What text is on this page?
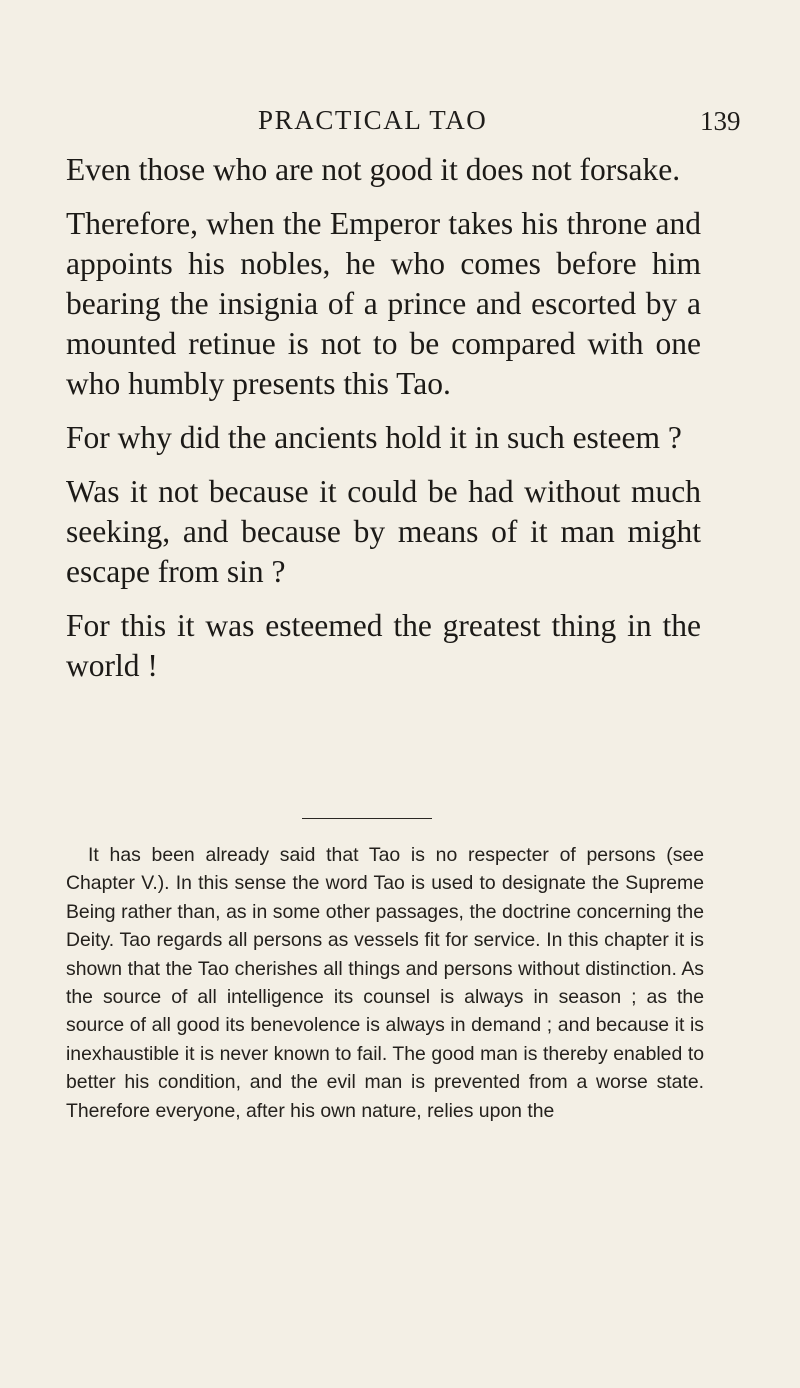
PRACTICAL TAO	139

Even those who are not good it does not forsake.

Therefore, when the Emperor takes his throne and appoints his nobles, he who comes before him bearing the insignia of a prince and escorted by a mounted retinue is not to be compared with one who humbly presents this Tao.

For why did the ancients hold it in such esteem ?

Was it not because it could be had without much seeking, and because by means of it man might escape from sin ?

For this it was esteemed the greatest thing in the world !

It has been already said that Tao is no respecter of persons (see Chapter V.). In this sense the word Tao is used to designate the Supreme Being rather than, as in some other passages, the doctrine concerning the Deity. Tao regards all persons as vessels fit for service. In this chapter it is shown that the Tao cherishes all things and persons without distinction. As the source of all intelligence its counsel is always in season ; as the source of all good its benevolence is always in demand ; and because it is inexhaustible it is never known to fail. The good man is thereby enabled to better his condition, and the evil man is prevented from a worse state. Therefore everyone, after his own nature, relies upon the
